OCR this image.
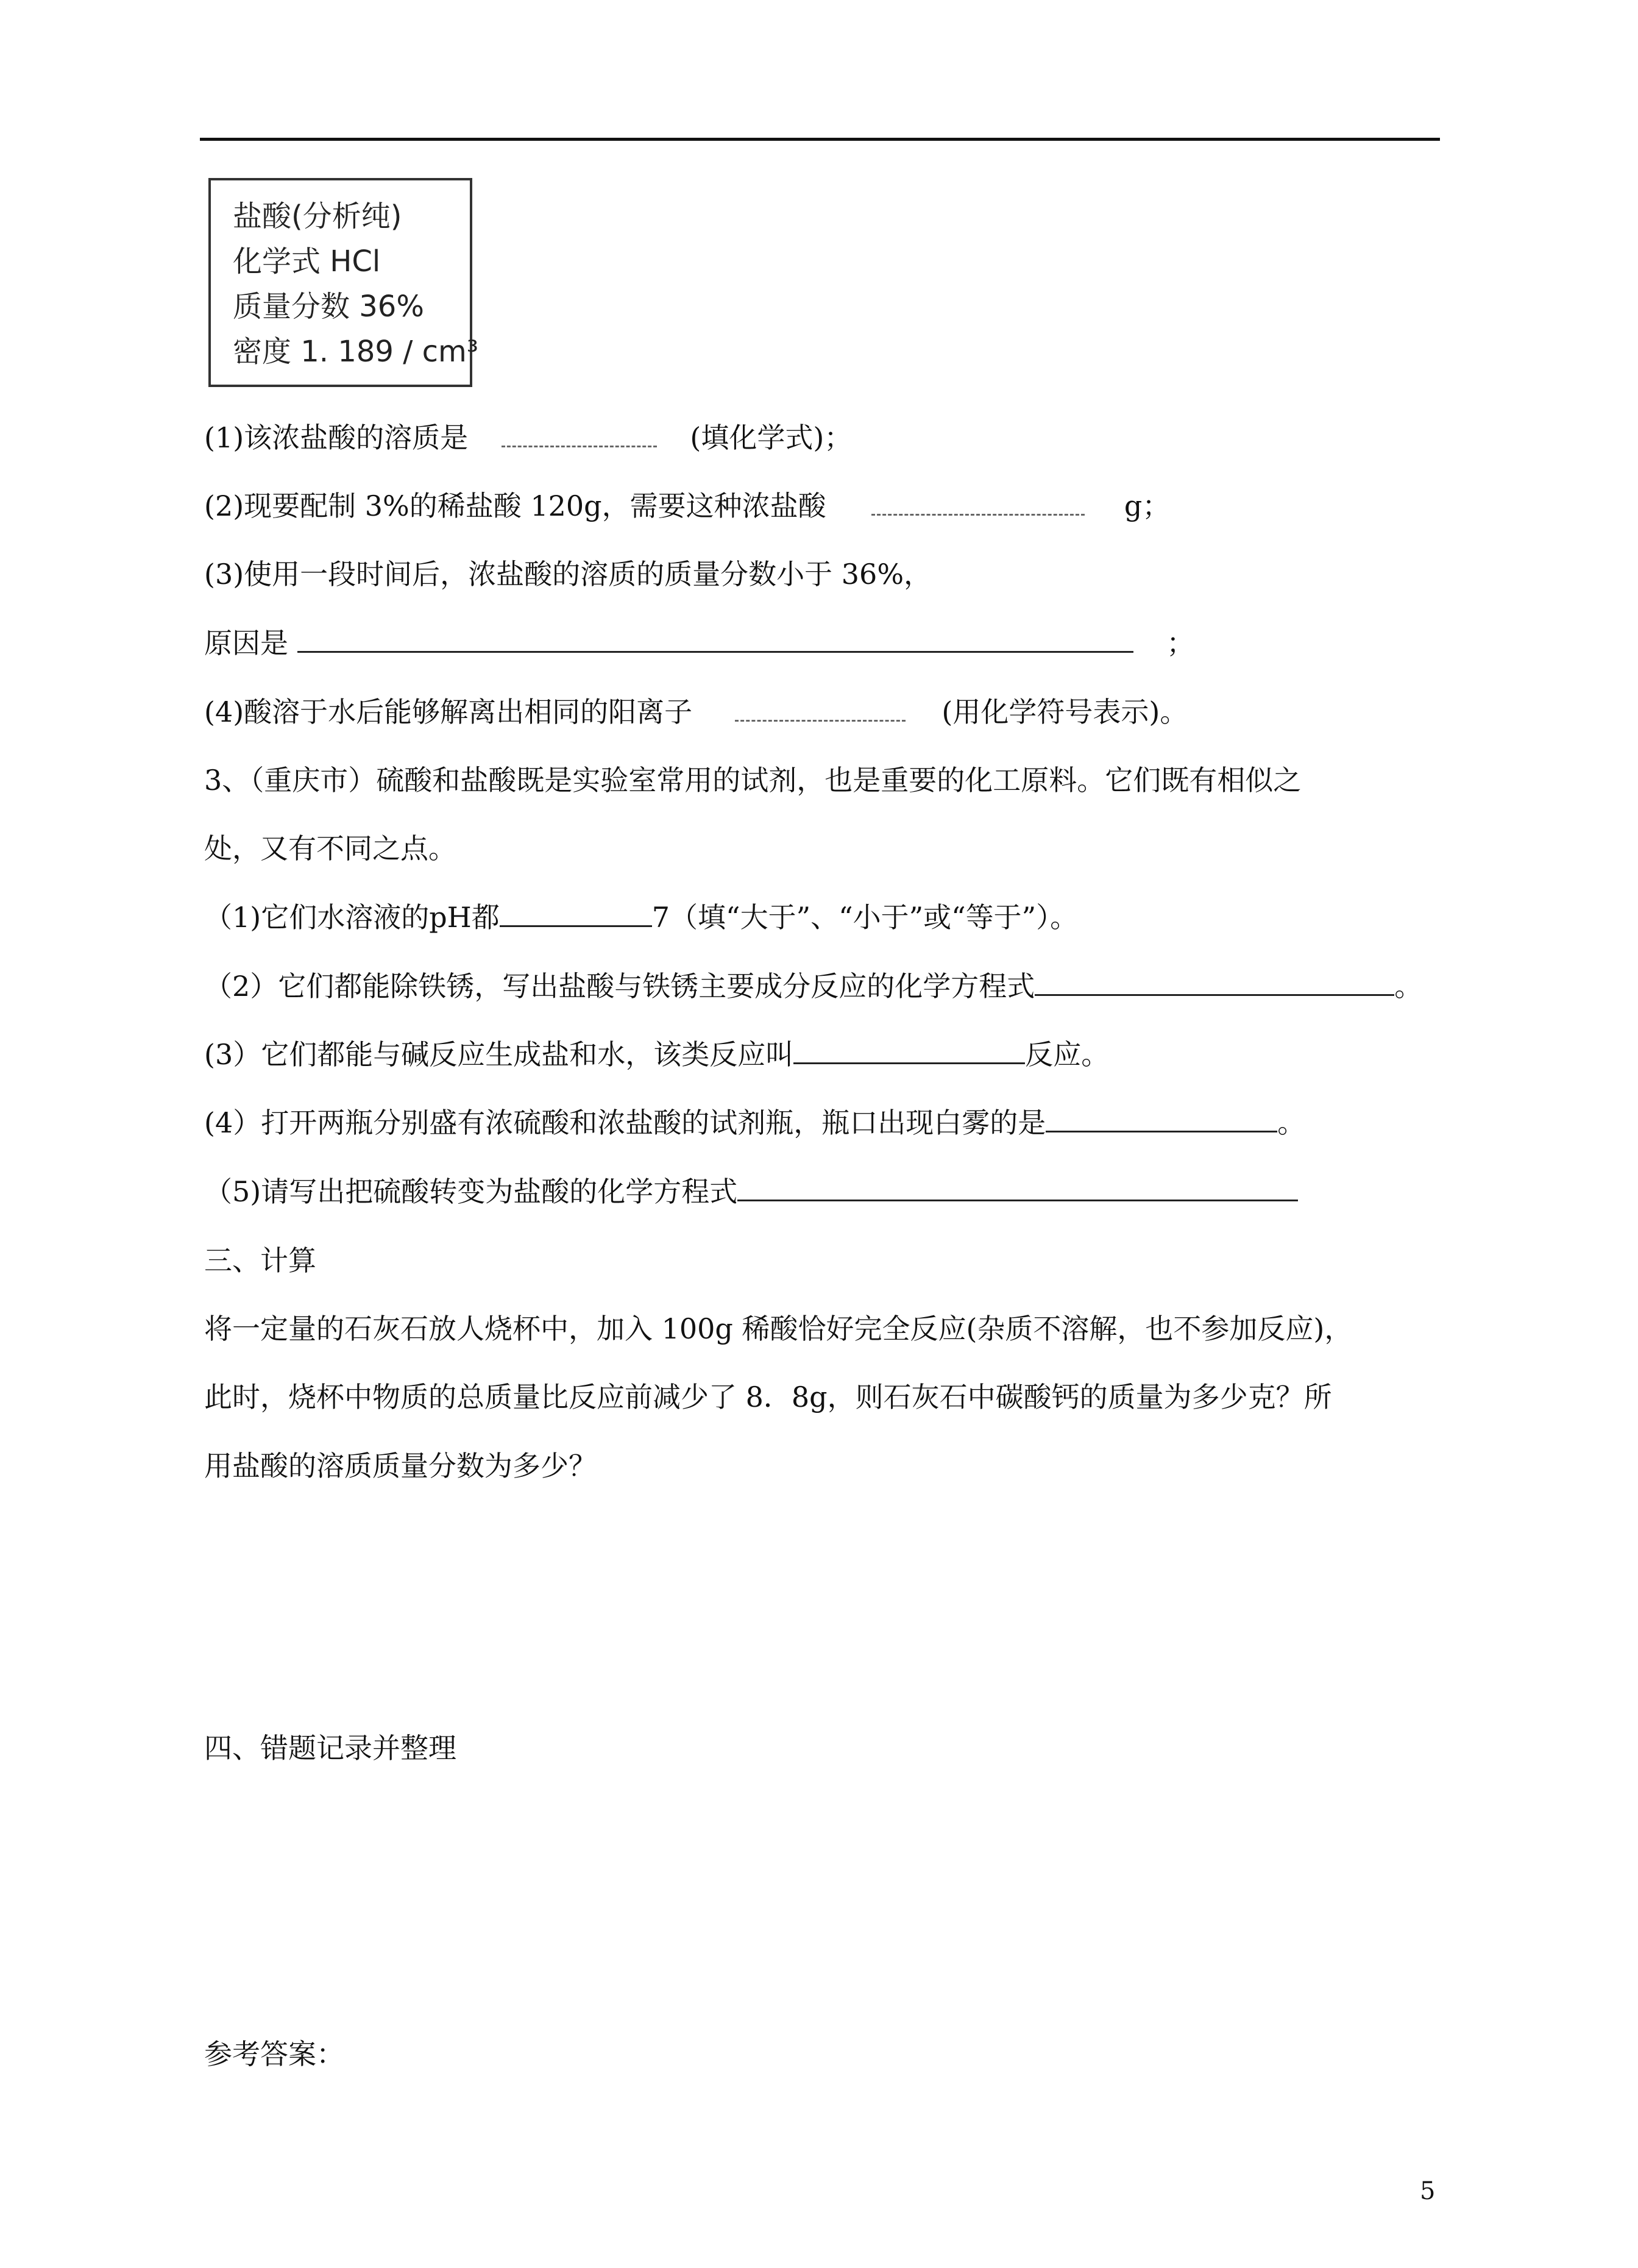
盐酸(分析纯)
化学式 HCl
质量分数 36%
密度 1. 189 / cm³
(1)该浓盐酸的溶质是	(填化学式)；
(2)现要配制 3%的稀盐酸 120g，需要这种浓盐酸	g；
(3)使用一段时间后，浓盐酸的溶质的质量分数小于 36%，
原因是	；
(4)酸溶于水后能够解离出相同的阳离子	(用化学符号表示)。
3、（重庆市）硫酸和盐酸既是实验室常用的试剂，也是重要的化工原料。它们既有相似之
处，又有不同之点。
（1)它们水溶液的pH都	7（填“大于”、“小于”或“等于”）。
（2）它们都能除铁锈，写出盐酸与铁锈主要成分反应的化学方程式	。
(3）它们都能与碱反应生成盐和水，该类反应叫	反应。
(4）打开两瓶分别盛有浓硫酸和浓盐酸的试剂瓶，瓶口出现白雾的是	。
（5)请写出把硫酸转变为盐酸的化学方程式
三、计算
将一定量的石灰石放人烧杯中，加入 100g 稀酸恰好完全反应(杂质不溶解，也不参加反应)，
此时，烧杯中物质的总质量比反应前减少了 8．8g，则石灰石中碳酸钙的质量为多少克？所
用盐酸的溶质质量分数为多少？
四、错题记录并整理
参考答案：
5
